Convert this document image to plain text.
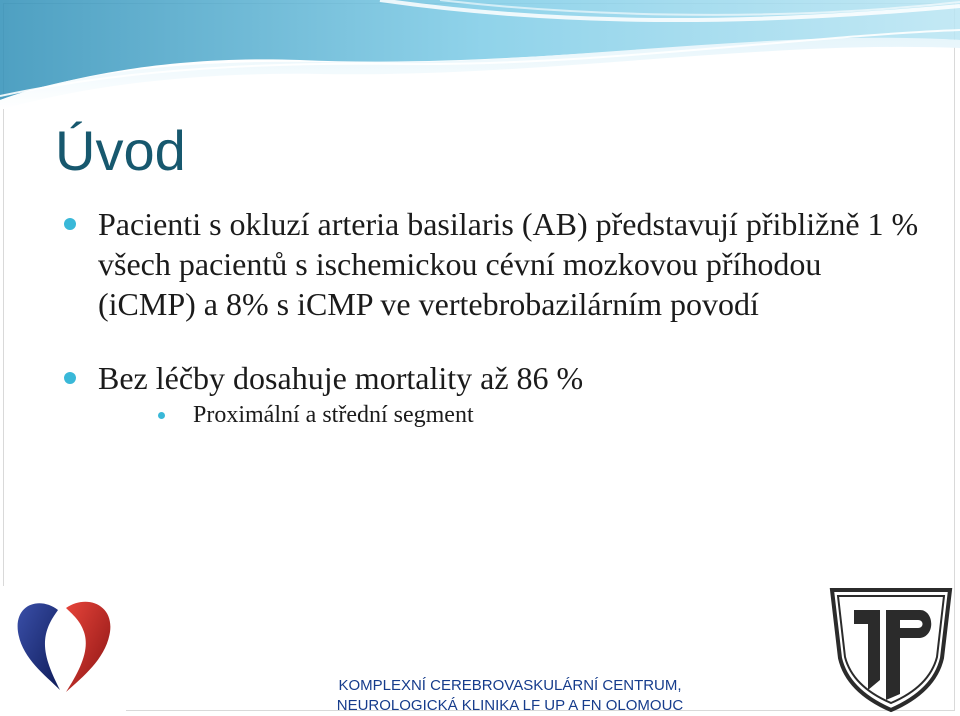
Úvod
Pacienti s okluzí arteria basilaris (AB) představují přibližně 1 % všech pacientů s ischemickou cévní mozkovou příhodou (iCMP) a 8% s iCMP ve vertebrobazilárním povodí
Bez léčby dosahuje mortality až 86 %
Proximální a střední segment
KOMPLEXNÍ CEREBROVASKULÁRNÍ CENTRUM,
NEUROLOGICKÁ KLINIKA LF UP A FN OLOMOUC
